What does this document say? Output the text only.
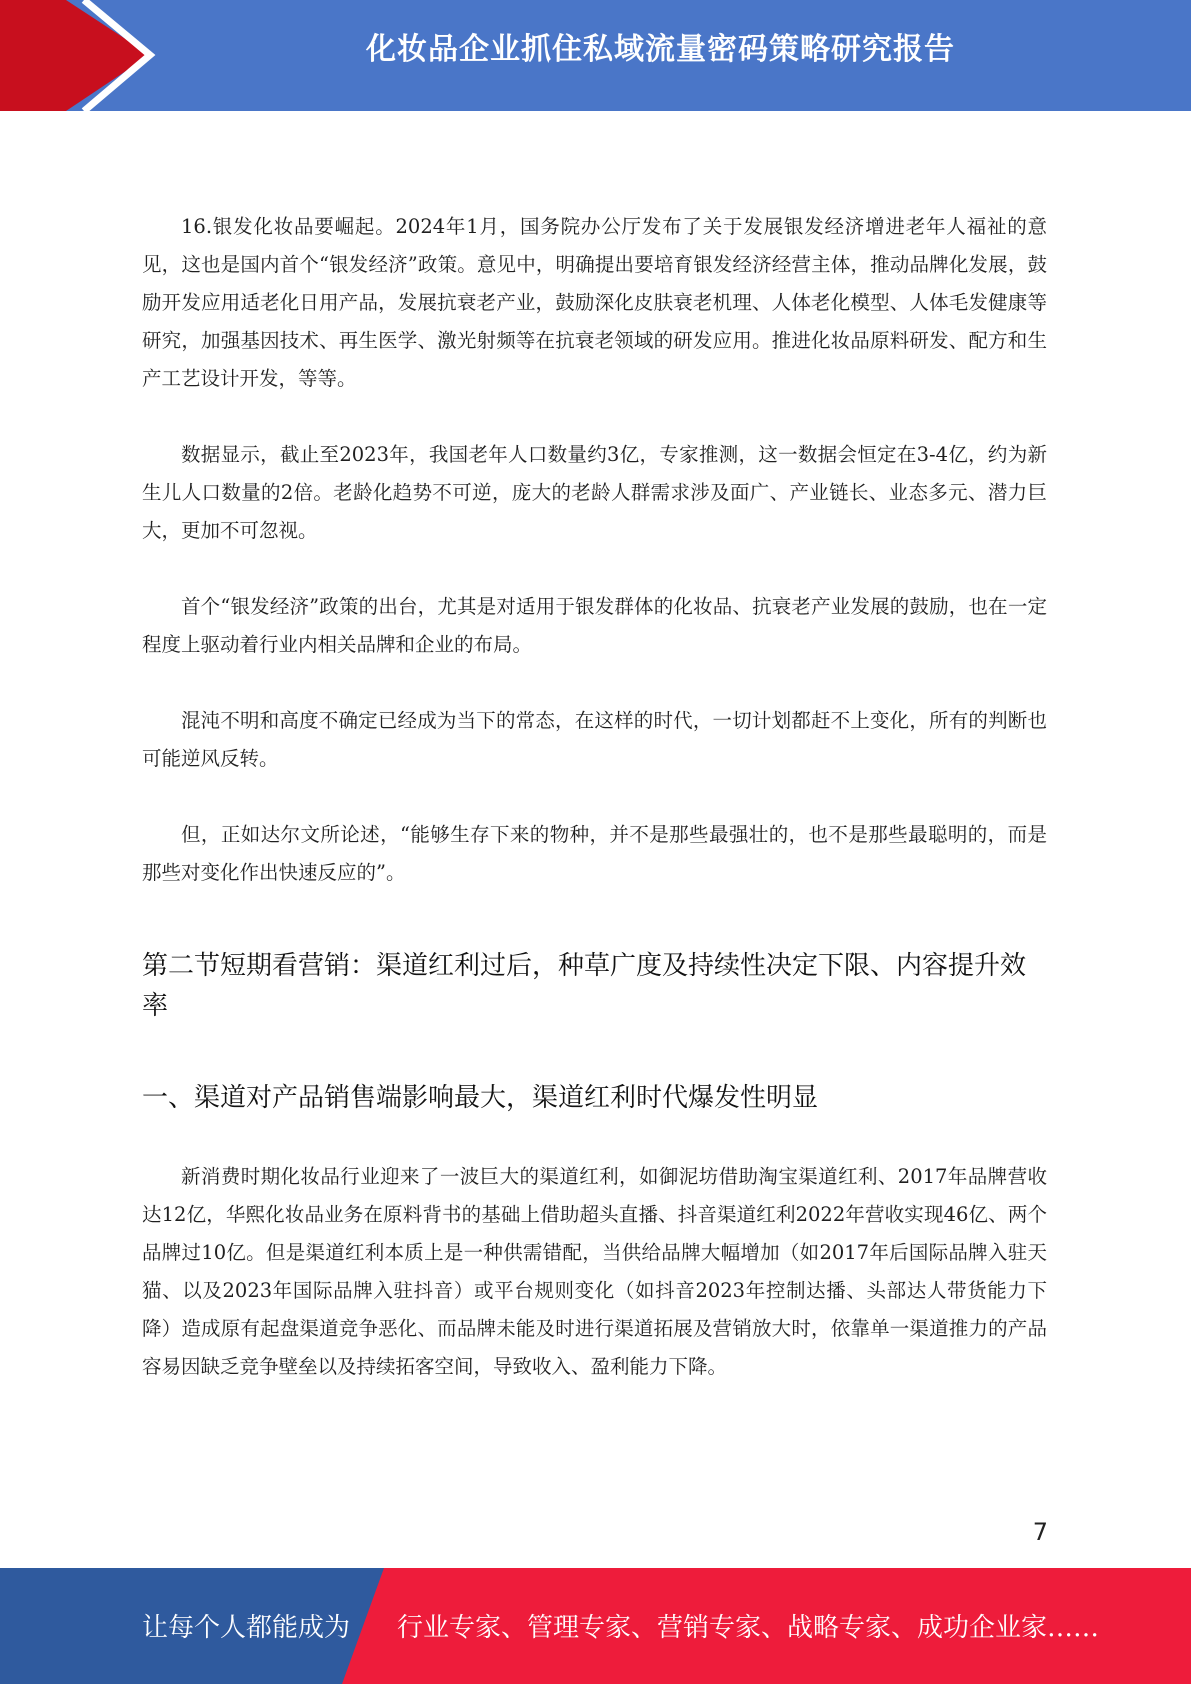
化妆品企业抓住私域流量密码策略研究报告

16.银发化妆品要崛起。2024年1月，国务院办公厅发布了关于发展银发经济增进老年人福祉的意见，这也是国内首个“银发经济”政策。意见中，明确提出要培育银发经济经营主体，推动品牌化发展，鼓励开发应用适老化日用产品，发展抗衰老产业，鼓励深化皮肤衰老机理、人体老化模型、人体毛发健康等研究，加强基因技术、再生医学、激光射频等在抗衰老领域的研发应用。推进化妆品原料研发、配方和生产工艺设计开发，等等。

数据显示，截止至2023年，我国老年人口数量约3亿，专家推测，这一数据会恒定在3-4亿，约为新生儿人口数量的2倍。老龄化趋势不可逆，庞大的老龄人群需求涉及面广、产业链长、业态多元、潜力巨大，更加不可忽视。

首个“银发经济”政策的出台，尤其是对适用于银发群体的化妆品、抗衰老产业发展的鼓励，也在一定程度上驱动着行业内相关品牌和企业的布局。

混沌不明和高度不确定已经成为当下的常态，在这样的时代，一切计划都赶不上变化，所有的判断也可能逆风反转。

但，正如达尔文所论述，“能够生存下来的物种，并不是那些最强壮的，也不是那些最聪明的，而是那些对变化作出快速反应的”。

第二节短期看营销：渠道红利过后，种草广度及持续性决定下限、内容提升效率
一、渠道对产品销售端影响最大，渠道红利时代爆发性明显

新消费时期化妆品行业迎来了一波巨大的渠道红利，如御泥坊借助淘宝渠道红利、2017年品牌营收达12亿，华熙化妆品业务在原料背书的基础上借助超头直播、抖音渠道红利2022年营收实现46亿、两个品牌过10亿。但是渠道红利本质上是一种供需错配，当供给品牌大幅增加（如2017年后国际品牌入驻天猫、以及2023年国际品牌入驻抖音）或平台规则变化（如抖音2023年控制达播、头部达人带货能力下降）造成原有起盘渠道竞争恶化、而品牌未能及时进行渠道拓展及营销放大时，依靠单一渠道推力的产品容易因缺乏竞争壁垒以及持续拓客空间，导致收入、盈利能力下降。

7
让每个人都能成为 行业专家、管理专家、营销专家、战略专家、成功企业家……
